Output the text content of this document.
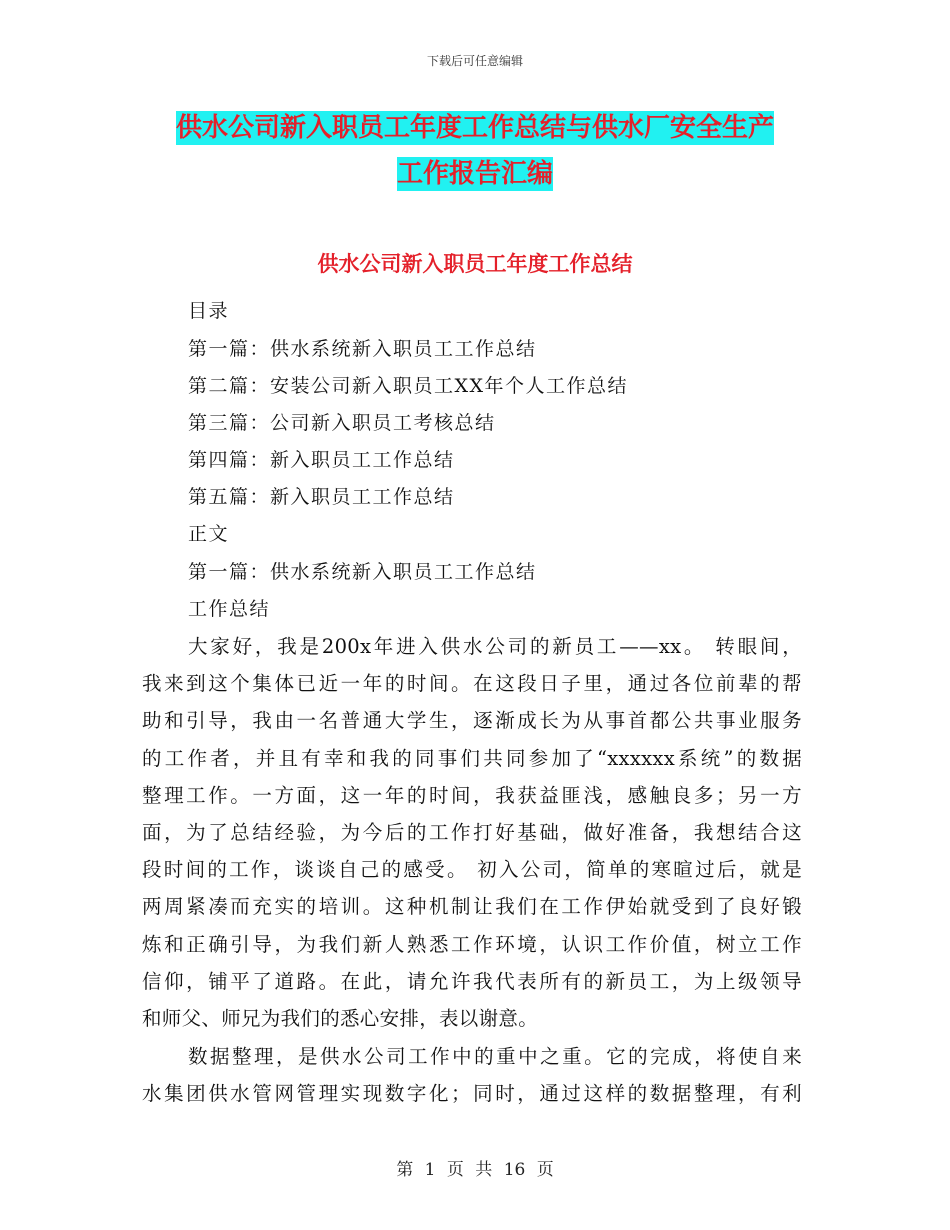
下载后可任意编辑
供水公司新入职员工年度工作总结与供水厂安全生产
工作报告汇编
供水公司新入职员工年度工作总结
目录
第一篇：供水系统新入职员工工作总结
第二篇：安装公司新入职员工XX年个人工作总结
第三篇：公司新入职员工考核总结
第四篇：新入职员工工作总结
第五篇：新入职员工工作总结
正文
第一篇：供水系统新入职员工工作总结
工作总结
大家好，我是200x年进入供水公司的新员工——xx。 转眼间，
我来到这个集体已近一年的时间。在这段日子里，通过各位前辈的帮
助和引导，我由一名普通大学生，逐渐成长为从事首都公共事业服务
的工作者，并且有幸和我的同事们共同参加了“xxxxxx系统”的数据
整理工作。一方面，这一年的时间，我获益匪浅，感触良多；另一方
面，为了总结经验，为今后的工作打好基础，做好准备，我想结合这
段时间的工作，谈谈自己的感受。 初入公司，简单的寒暄过后，就是
两周紧凑而充实的培训。这种机制让我们在工作伊始就受到了良好锻
炼和正确引导，为我们新人熟悉工作环境，认识工作价值，树立工作
信仰，铺平了道路。在此，请允许我代表所有的新员工，为上级领导
和师父、师兄为我们的悉心安排，表以谢意。
数据整理，是供水公司工作中的重中之重。它的完成，将使自来
水集团供水管网管理实现数字化；同时，通过这样的数据整理，有利
第 1 页 共 16 页
